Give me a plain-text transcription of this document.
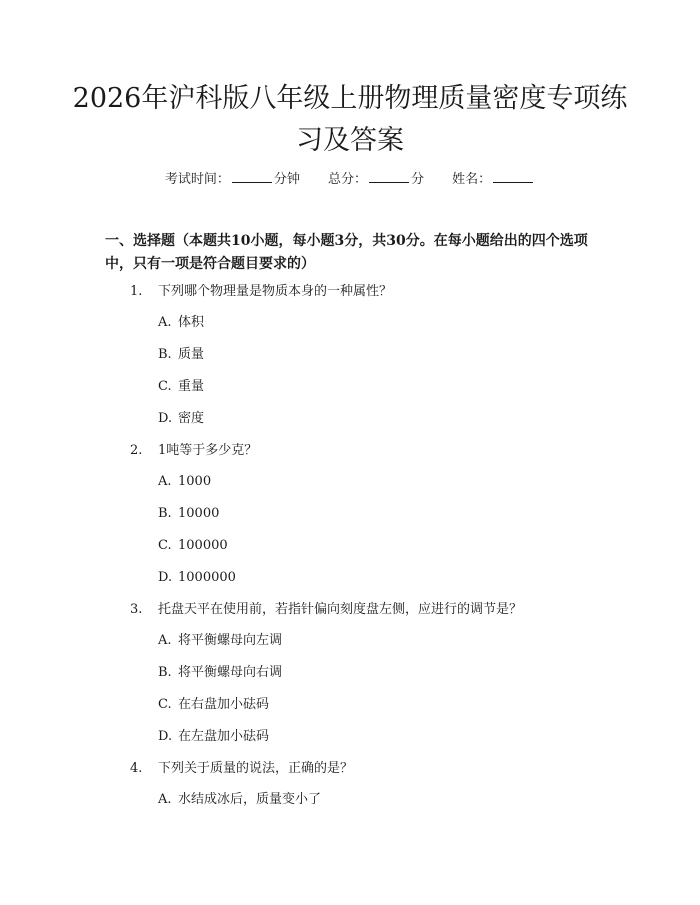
2026年沪科版八年级上册物理质量密度专项练习及答案
考试时间：	分钟 总分：	分 姓名：

一、选择题（本题共10小题，每小题3分，共30分。在每小题给出的四个选项中，只有一项是符合题目要求的）

1. 下列哪个物理量是物质本身的一种属性？
A. 体积
B. 质量
C. 重量
D. 密度
2. 1吨等于多少克？
A. 1000
B. 10000
C. 100000
D. 1000000
3. 托盘天平在使用前，若指针偏向刻度盘左侧，应进行的调节是？
A. 将平衡螺母向左调
B. 将平衡螺母向右调
C. 在右盘加小砝码
D. 在左盘加小砝码
4. 下列关于质量的说法，正确的是？
A. 水结成冰后，质量变小了
